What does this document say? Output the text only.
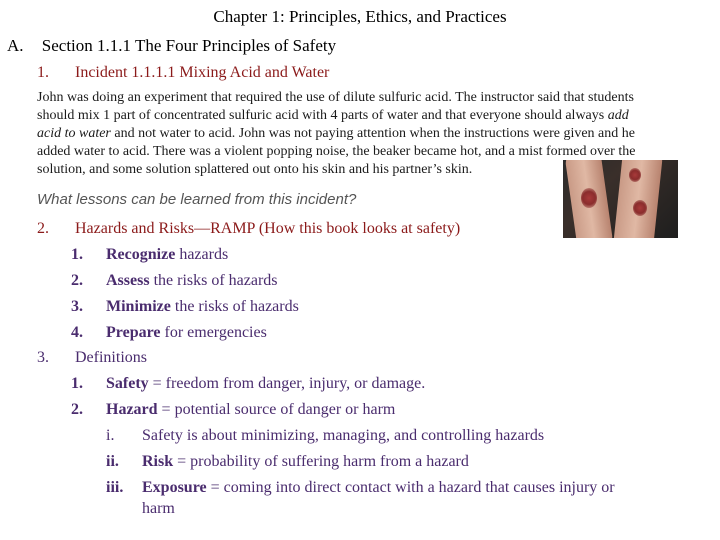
Chapter 1: Principles, Ethics, and Practices
A. Section 1.1.1 The Four Principles of Safety
1. Incident 1.1.1.1 Mixing Acid and Water
John was doing an experiment that required the use of dilute sulfuric acid. The instructor said that students
should mix 1 part of concentrated sulfuric acid with 4 parts of water and that everyone should always add
acid to water and not water to acid. John was not paying attention when the instructions were given and he
added water to acid. There was a violent popping noise, the beaker became hot, and a mist formed over the
solution, and some solution splattered out onto his skin and his partner’s skin.
What lessons can be learned from this incident?
2. Hazards and Risks—RAMP (How this book looks at safety)
1. Recognize hazards
2. Assess the risks of hazards
3. Minimize the risks of hazards
4. Prepare for emergencies
3. Definitions
1. Safety = freedom from danger, injury, or damage.
2. Hazard = potential source of danger or harm
i. Safety is about minimizing, managing, and controlling hazards
ii. Risk = probability of suffering harm from a hazard
iii. Exposure = coming into direct contact with a hazard that causes injury or
harm
